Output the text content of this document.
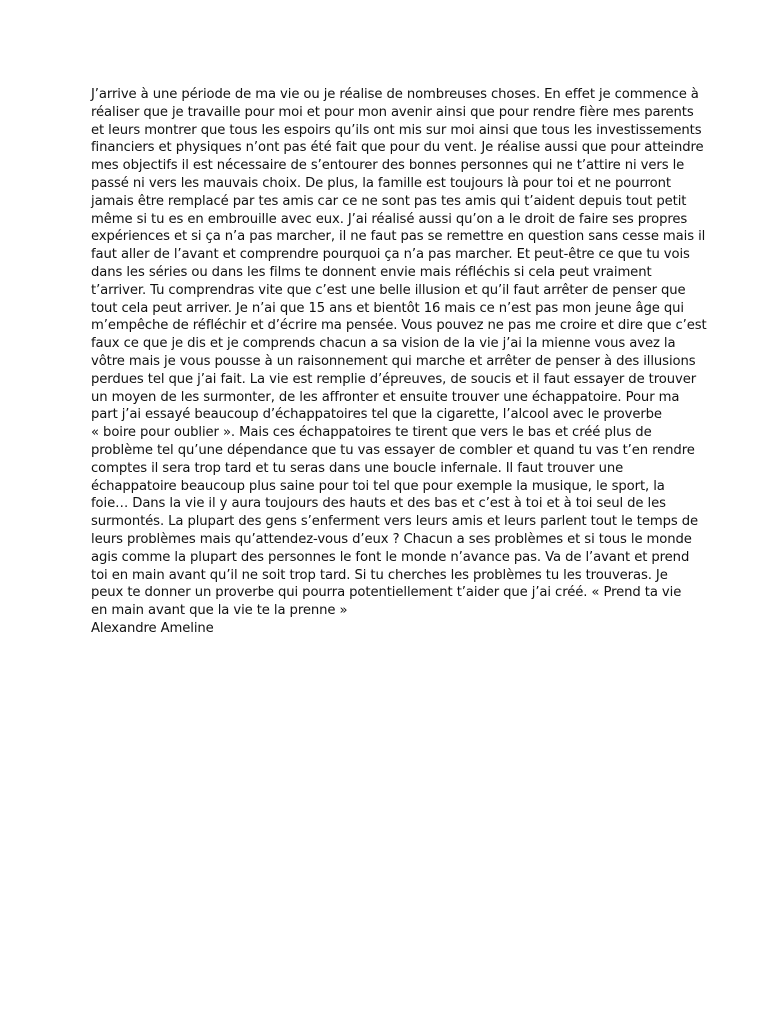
J’arrive à une période de ma vie ou je réalise de nombreuses choses. En effet je commence à
réaliser que je travaille pour moi et pour mon avenir ainsi que pour rendre fière mes parents
et leurs montrer que tous les espoirs qu’ils ont mis sur moi ainsi que tous les investissements
financiers et physiques n’ont pas été fait que pour du vent. Je réalise aussi que pour atteindre
mes objectifs il est nécessaire de s’entourer des bonnes personnes qui ne t’attire ni vers le
passé ni vers les mauvais choix. De plus, la famille est toujours là pour toi et ne pourront
jamais être remplacé par tes amis car ce ne sont pas tes amis qui t’aident depuis tout petit
même si tu es en embrouille avec eux. J’ai réalisé aussi qu’on a le droit de faire ses propres
expériences et si ça n’a pas marcher, il ne faut pas se remettre en question sans cesse mais il
faut aller de l’avant et comprendre pourquoi ça n’a pas marcher. Et peut-être ce que tu vois
dans les séries ou dans les films te donnent envie mais réfléchis si cela peut vraiment
t’arriver. Tu comprendras vite que c’est une belle illusion et qu’il faut arrêter de penser que
tout cela peut arriver. Je n’ai que 15 ans et bientôt 16 mais ce n’est pas mon jeune âge qui
m’empêche de réfléchir et d’écrire ma pensée. Vous pouvez ne pas me croire et dire que c’est
faux ce que je dis et je comprends chacun a sa vision de la vie j’ai la mienne vous avez la
vôtre mais je vous pousse à un raisonnement qui marche et arrêter de penser à des illusions
perdues tel que j’ai fait. La vie est remplie d’épreuves, de soucis et il faut essayer de trouver
un moyen de les surmonter, de les affronter et ensuite trouver une échappatoire. Pour ma
part j’ai essayé beaucoup d’échappatoires tel que la cigarette, l’alcool avec le proverbe
« boire pour oublier ». Mais ces échappatoires te tirent que vers le bas et créé plus de
problème tel qu’une dépendance que tu vas essayer de combler et quand tu vas t’en rendre
comptes il sera trop tard et tu seras dans une boucle infernale. Il faut trouver une
échappatoire beaucoup plus saine pour toi tel que pour exemple la musique, le sport, la
foie… Dans la vie il y aura toujours des hauts et des bas et c’est à toi et à toi seul de les
surmontés. La plupart des gens s’enferment vers leurs amis et leurs parlent tout le temps de
leurs problèmes mais qu’attendez-vous d’eux ? Chacun a ses problèmes et si tous le monde
agis comme la plupart des personnes le font le monde n’avance pas. Va de l’avant et prend
toi en main avant qu’il ne soit trop tard. Si tu cherches les problèmes tu les trouveras. Je
peux te donner un proverbe qui pourra potentiellement t’aider que j’ai créé. « Prend ta vie
en main avant que la vie te la prenne »
Alexandre Ameline
